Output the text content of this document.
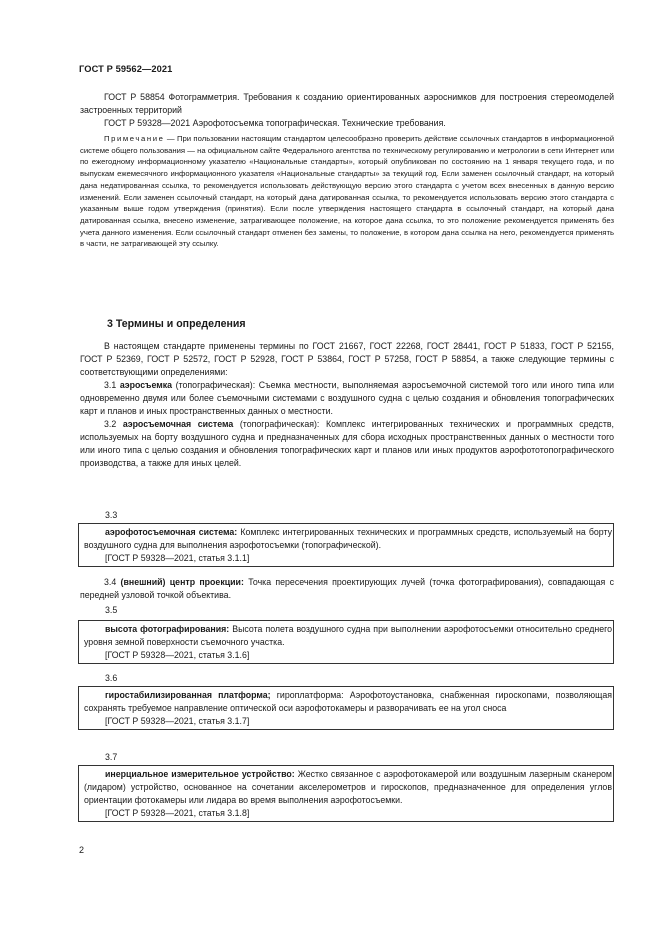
ГОСТ Р 59562—2021

ГОСТ Р 58854 Фотограмметрия. Требования к созданию ориентированных аэроснимков для построения стереомоделей застроенных территорий

ГОСТ Р 59328—2021 Аэрофотосъемка топографическая. Технические требования.

Примечание — При пользовании настоящим стандартом целесообразно проверить действие ссылочных стандартов в информационной системе общего пользования — на официальном сайте Федерального агентства по техническому регулированию и метрологии в сети Интернет или по ежегодному информационному указателю «Национальные стандарты», который опубликован по состоянию на 1 января текущего года, и по выпускам ежемесячного информационного указателя «Национальные стандарты» за текущий год. Если заменен ссылочный стандарт, на который дана недатированная ссылка, то рекомендуется использовать действующую версию этого стандарта с учетом всех внесенных в данную версию изменений. Если заменен ссылочный стандарт, на который дана датированная ссылка, то рекомендуется использовать версию этого стандарта с указанным выше годом утверждения (принятия). Если после утверждения настоящего стандарта в ссылочный стандарт, на который дана датированная ссылка, внесено изменение, затрагивающее положение, на которое дана ссылка, то это положение рекомендуется применять без учета данного изменения. Если ссылочный стандарт отменен без замены, то положение, в котором дана ссылка на него, рекомендуется применять в части, не затрагивающей эту ссылку.

3 Термины и определения

В настоящем стандарте применены термины по ГОСТ 21667, ГОСТ 22268, ГОСТ 28441, ГОСТ Р 51833, ГОСТ Р 52155, ГОСТ Р 52369, ГОСТ Р 52572, ГОСТ Р 52928, ГОСТ Р 53864, ГОСТ Р 57258, ГОСТ Р 58854, а также следующие термины с соответствующими определениями:

3.1 аэросъемка (топографическая): Съемка местности, выполняемая аэросъемочной системой того или иного типа или одновременно двумя или более съемочными системами с воздушного судна с целью создания и обновления топографических карт и планов и иных пространственных данных о местности.

3.2 аэросъемочная система (топографическая): Комплекс интегрированных технических и программных средств, используемых на борту воздушного судна и предназначенных для сбора исходных пространственных данных о местности того или иного типа с целью создания и обновления топографических карт и планов или иных продуктов аэрофототопографического производства, а также для иных целей.

3.3

аэрофотосъемочная система: Комплекс интегрированных технических и программных средств, используемый на борту воздушного судна для выполнения аэрофотосъемки (топографической).

[ГОСТ Р 59328—2021, статья 3.1.1]

3.4 (внешний) центр проекции: Точка пересечения проектирующих лучей (точка фотографирования), совпадающая с передней узловой точкой объектива.

3.5

высота фотографирования: Высота полета воздушного судна при выполнении аэрофотосъемки относительно среднего уровня земной поверхности съемочного участка.

[ГОСТ Р 59328—2021, статья 3.1.6]

3.6

гиростабилизированная платформа; гироплатформа: Аэрофотоустановка, снабженная гироскопами, позволяющая сохранять требуемое направление оптической оси аэрофотокамеры и разворачивать ее на угол сноса

[ГОСТ Р 59328—2021, статья 3.1.7]

3.7

инерциальное измерительное устройство: Жестко связанное с аэрофотокамерой или воздушным лазерным сканером (лидаром) устройство, основанное на сочетании акселерометров и гироскопов, предназначенное для определения углов ориентации фотокамеры или лидара во время выполнения аэрофотосъемки.

[ГОСТ Р 59328—2021, статья 3.1.8]

2
